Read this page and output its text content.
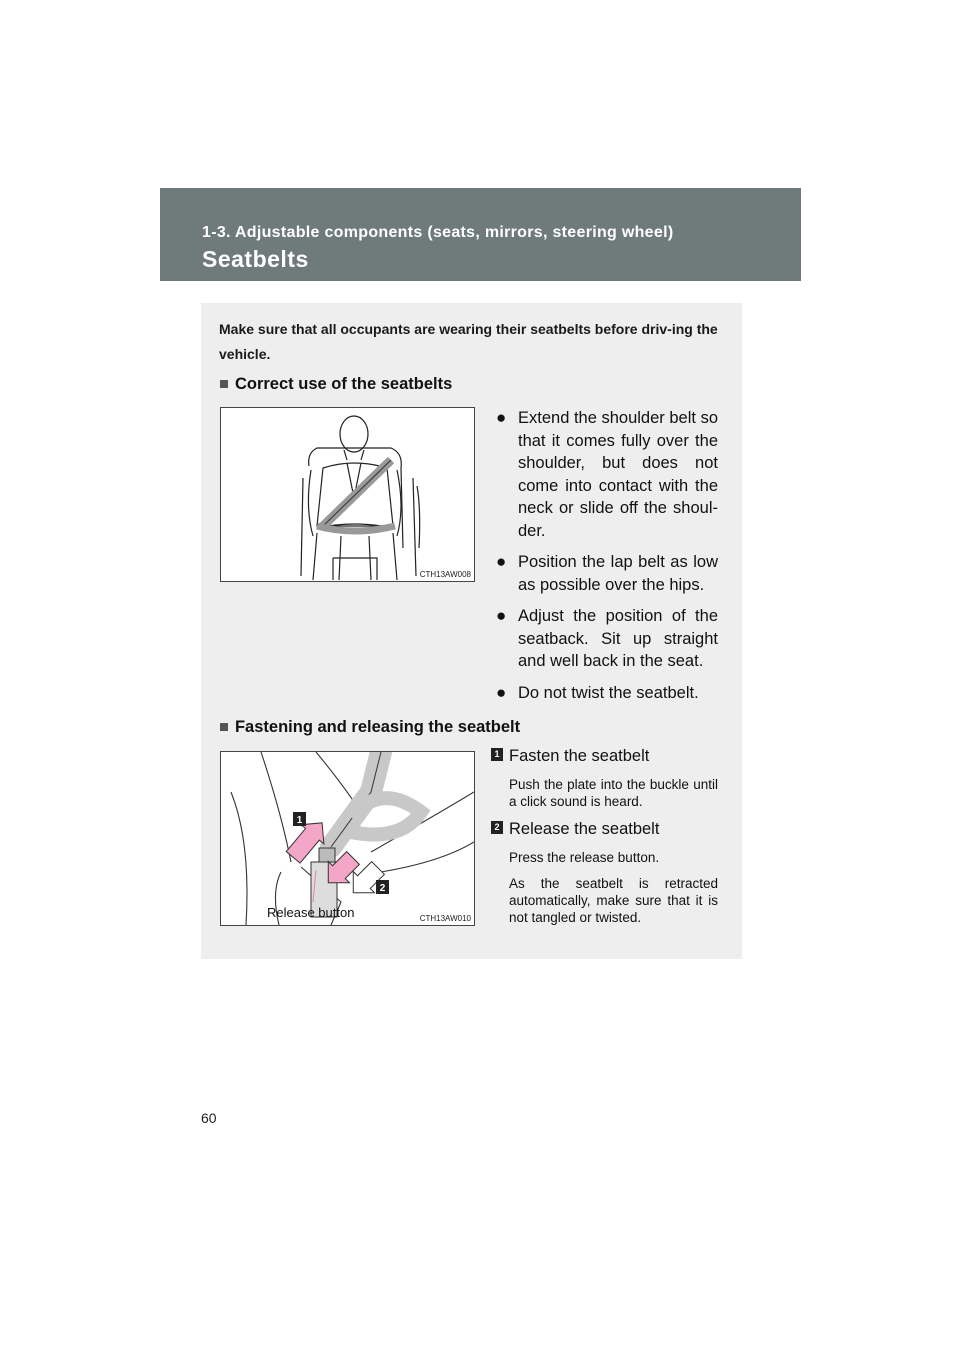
1-3. Adjustable components (seats, mirrors, steering wheel)
Seatbelts
Make sure that all occupants are wearing their seatbelts before driv-ing the vehicle.
■ Correct use of the seatbelts
CTH13AW008
● Extend the shoulder belt so that it comes fully over the shoulder, but does not come into contact with the neck or slide off the shoul-der.
● Position the lap belt as low as possible over the hips.
● Adjust the position of the seatback. Sit up straight and well back in the seat.
● Do not twist the seatbelt.
■ Fastening and releasing the seatbelt
1
2
Release button	CTH13AW010
1 Fasten the seatbelt
Push the plate into the buckle until a click sound is heard.
2 Release the seatbelt
Press the release button.
As the seatbelt is retracted automatically, make sure that it is not tangled or twisted.
60
